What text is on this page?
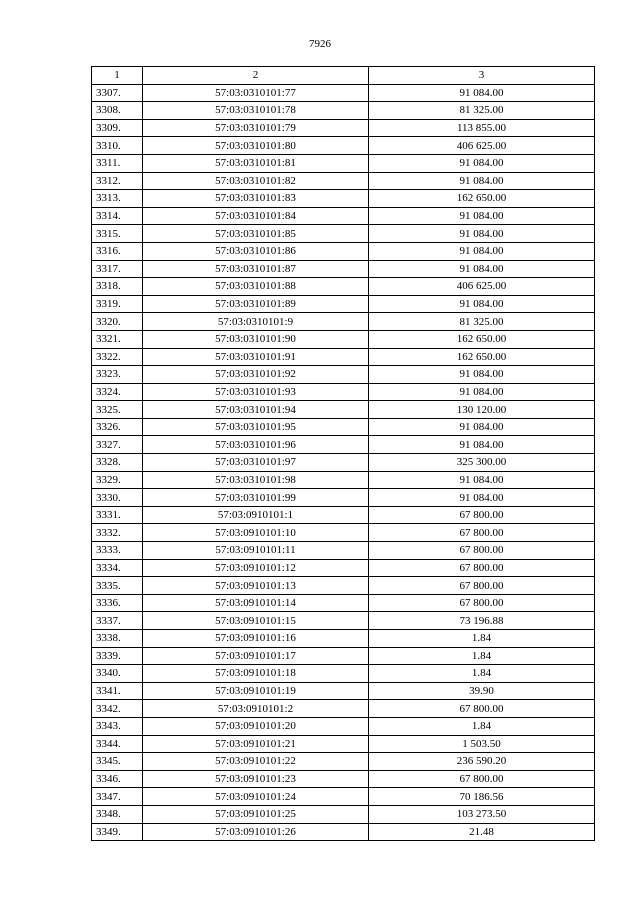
7926
1	2	3
3307.	57:03:0310101:77	91 084.00
3308.	57:03:0310101:78	81 325.00
3309.	57:03:0310101:79	113 855.00
3310.	57:03:0310101:80	406 625.00
3311.	57:03:0310101:81	91 084.00
3312.	57:03:0310101:82	91 084.00
3313.	57:03:0310101:83	162 650.00
3314.	57:03:0310101:84	91 084.00
3315.	57:03:0310101:85	91 084.00
3316.	57:03:0310101:86	91 084.00
3317.	57:03:0310101:87	91 084.00
3318.	57:03:0310101:88	406 625.00
3319.	57:03:0310101:89	91 084.00
3320.	57:03:0310101:9	81 325.00
3321.	57:03:0310101:90	162 650.00
3322.	57:03:0310101:91	162 650.00
3323.	57:03:0310101:92	91 084.00
3324.	57:03:0310101:93	91 084.00
3325.	57:03:0310101:94	130 120.00
3326.	57:03:0310101:95	91 084.00
3327.	57:03:0310101:96	91 084.00
3328.	57:03:0310101:97	325 300.00
3329.	57:03:0310101:98	91 084.00
3330.	57:03:0310101:99	91 084.00
3331.	57:03:0910101:1	67 800.00
3332.	57:03:0910101:10	67 800.00
3333.	57:03:0910101:11	67 800.00
3334.	57:03:0910101:12	67 800.00
3335.	57:03:0910101:13	67 800.00
3336.	57:03:0910101:14	67 800.00
3337.	57:03:0910101:15	73 196.88
3338.	57:03:0910101:16	1.84
3339.	57:03:0910101:17	1.84
3340.	57:03:0910101:18	1.84
3341.	57:03:0910101:19	39.90
3342.	57:03:0910101:2	67 800.00
3343.	57:03:0910101:20	1.84
3344.	57:03:0910101:21	1 503.50
3345.	57:03:0910101:22	236 590.20
3346.	57:03:0910101:23	67 800.00
3347.	57:03:0910101:24	70 186.56
3348.	57:03:0910101:25	103 273.50
3349.	57:03:0910101:26	21.48
